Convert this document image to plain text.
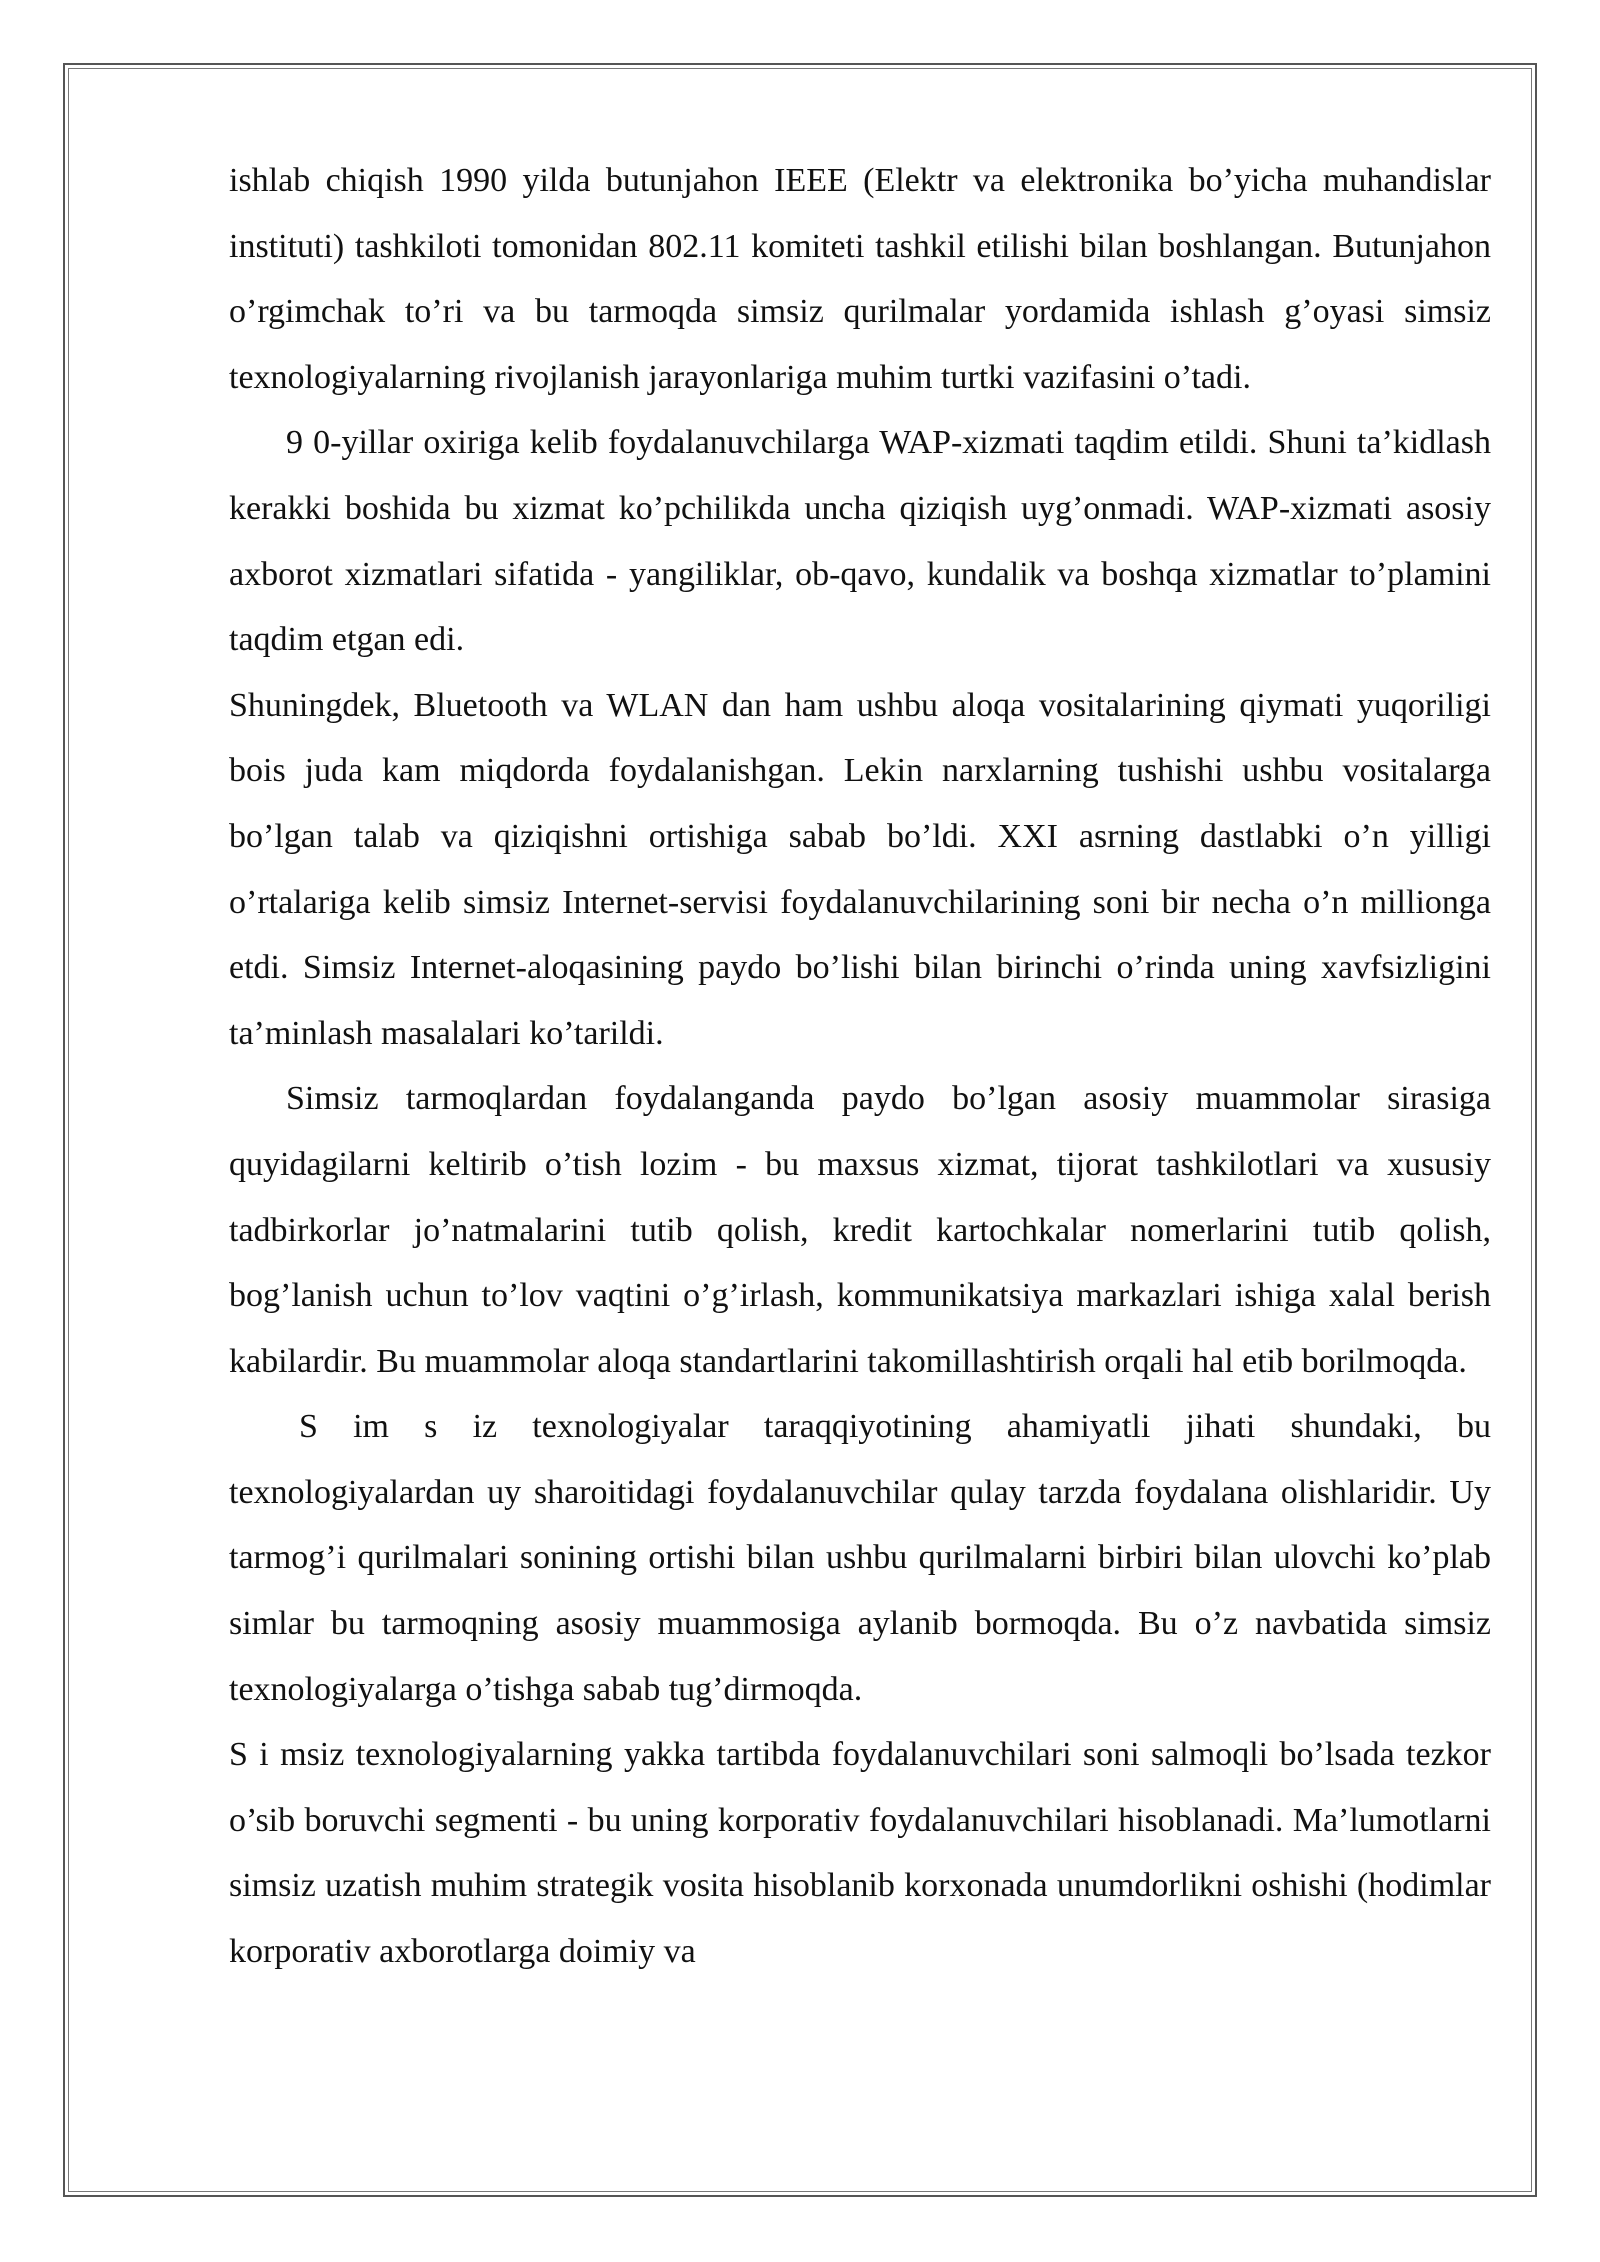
ishlab chiqish 1990 yilda butunjahon IEEE (Elektr va elektronika bo’yicha muhandislar instituti) tashkiloti tomonidan 802.11 komiteti tashkil etilishi bilan boshlangan. Butunjahon o’rgimchak to’ri va bu tarmoqda simsiz qurilmalar yordamida ishlash g’oyasi simsiz texnologiyalarning rivojlanish jarayonlariga muhim turtki vazifasini o’tadi.

9 0-yillar oxiriga kelib foydalanuvchilarga WAP-xizmati taqdim etildi. Shuni ta’kidlash kerakki boshida bu xizmat ko’pchilikda uncha qiziqish uyg’onmadi. WAP-xizmati asosiy axborot xizmatlari sifatida - yangiliklar, ob-qavo, kundalik va boshqa xizmatlar to’plamini taqdim etgan edi.

Shuningdek, Bluetooth va WLAN dan ham ushbu aloqa vositalarining qiymati yuqoriligi bois juda kam miqdorda foydalanishgan. Lekin narxlarning tushishi ushbu vositalarga bo’lgan talab va qiziqishni ortishiga sabab bo’ldi. XXI asrning dastlabki o’n yilligi o’rtalariga kelib simsiz Internet-servisi foydalanuvchilarining soni bir necha o’n millionga etdi. Simsiz Internet-aloqasining paydo bo’lishi bilan birinchi o’rinda uning xavfsizligini ta’minlash masalalari ko’tarildi.

Simsiz tarmoqlardan foydalanganda paydo bo’lgan asosiy muammolar sirasiga quyidagilarni keltirib o’tish lozim - bu maxsus xizmat, tijorat tashkilotlari va xususiy tadbirkorlar jo’natmalarini tutib qolish, kredit kartochkalar nomerlarini tutib qolish, bog’lanish uchun to’lov vaqtini o’g’irlash, kommunikatsiya markazlari ishiga xalal berish kabilardir. Bu muammolar aloqa standartlarini takomillashtirish orqali hal etib borilmoqda.

S im s iz texnologiyalar taraqqiyotining ahamiyatli jihati shundaki, bu texnologiyalardan uy sharoitidagi foydalanuvchilar qulay tarzda foydalana olishlaridir. Uy tarmog’i qurilmalari sonining ortishi bilan ushbu qurilmalarni birbiri bilan ulovchi ko’plab simlar bu tarmoqning asosiy muammosiga aylanib bormoqda. Bu o’z navbatida simsiz texnologiyalarga o’tishga sabab tug’dirmoqda.

S i msiz texnologiyalarning yakka tartibda foydalanuvchilari soni salmoqli bo’lsada tezkor o’sib boruvchi segmenti - bu uning korporativ foydalanuvchilari hisoblanadi. Ma’lumotlarni simsiz uzatish muhim strategik vosita hisoblanib korxonada unumdorlikni oshishi (hodimlar korporativ axborotlarga doimiy va
